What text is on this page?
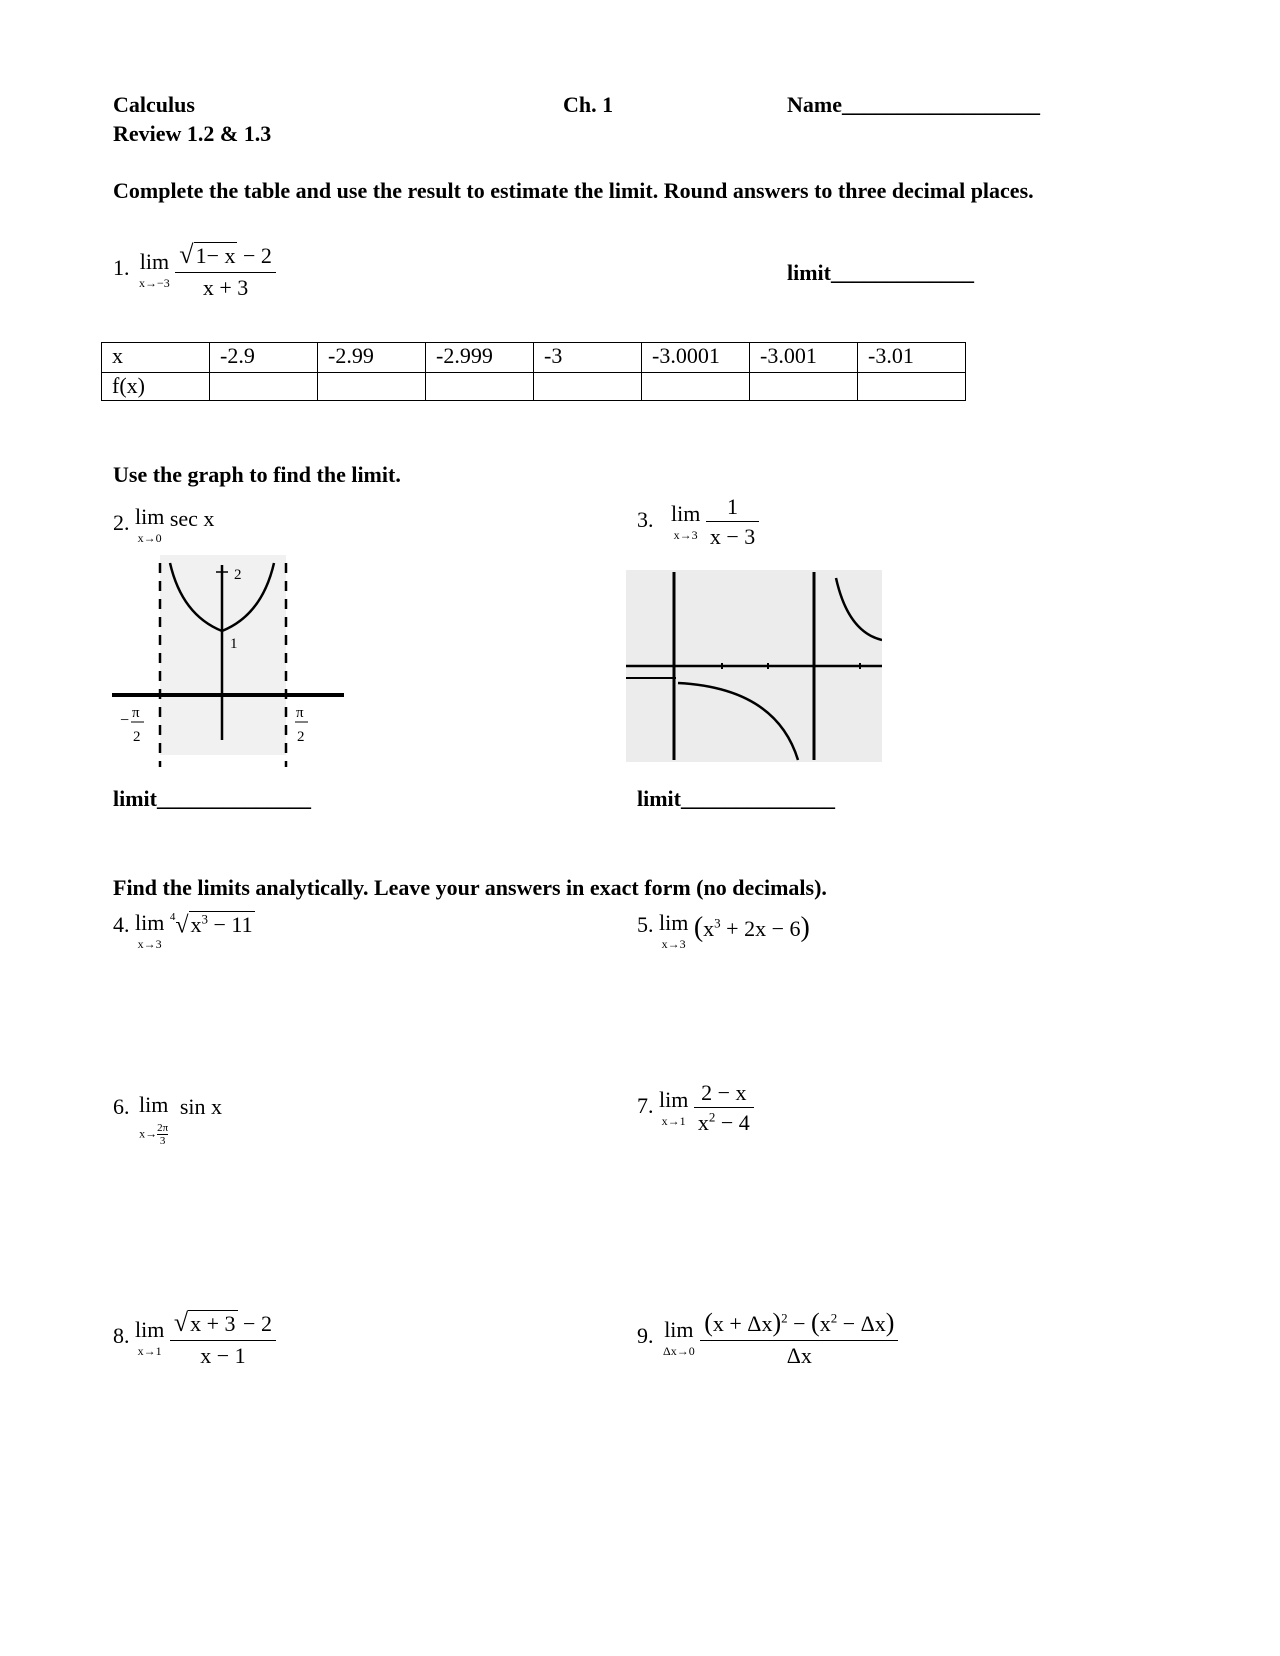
Calculus
Review 1.2 & 1.3
Ch. 1	Name__________________
Complete the table and use the result to estimate the limit. Round answers to three decimal places.
1. lim
x→−3
$\frac{√1- x - 2}{x + 3}$	limit_____________
x	-2.9	-2.99	-2.999	-3	-3.0001	-3.001	-3.01
f(x)							
Use the graph to find the limit.
2. lim
x→0
sec x
2
1
− π
2
π
2
limit______________
3. lim
x→3
$\frac{1}{x - 3}$
limit______________
Find the limits analytically. Leave your answers in exact form (no decimals).
4. lim
x→3
$^4√x^3 - 11$	5. lim
x→3
$(x^3 + 2x - 6)$
6. lim
$x\to \frac{2\pi}{3}$
sin x	7. lim
x→1
$\frac{2 - x}{x^2 - 4}$
8. lim
x→1
$\frac{√x + 3 - 2}{x - 1}$	9. lim
Δx→0
$\frac{(x + \Delta x)^2 - (x^2 - \Delta x)}{\Delta x}$
